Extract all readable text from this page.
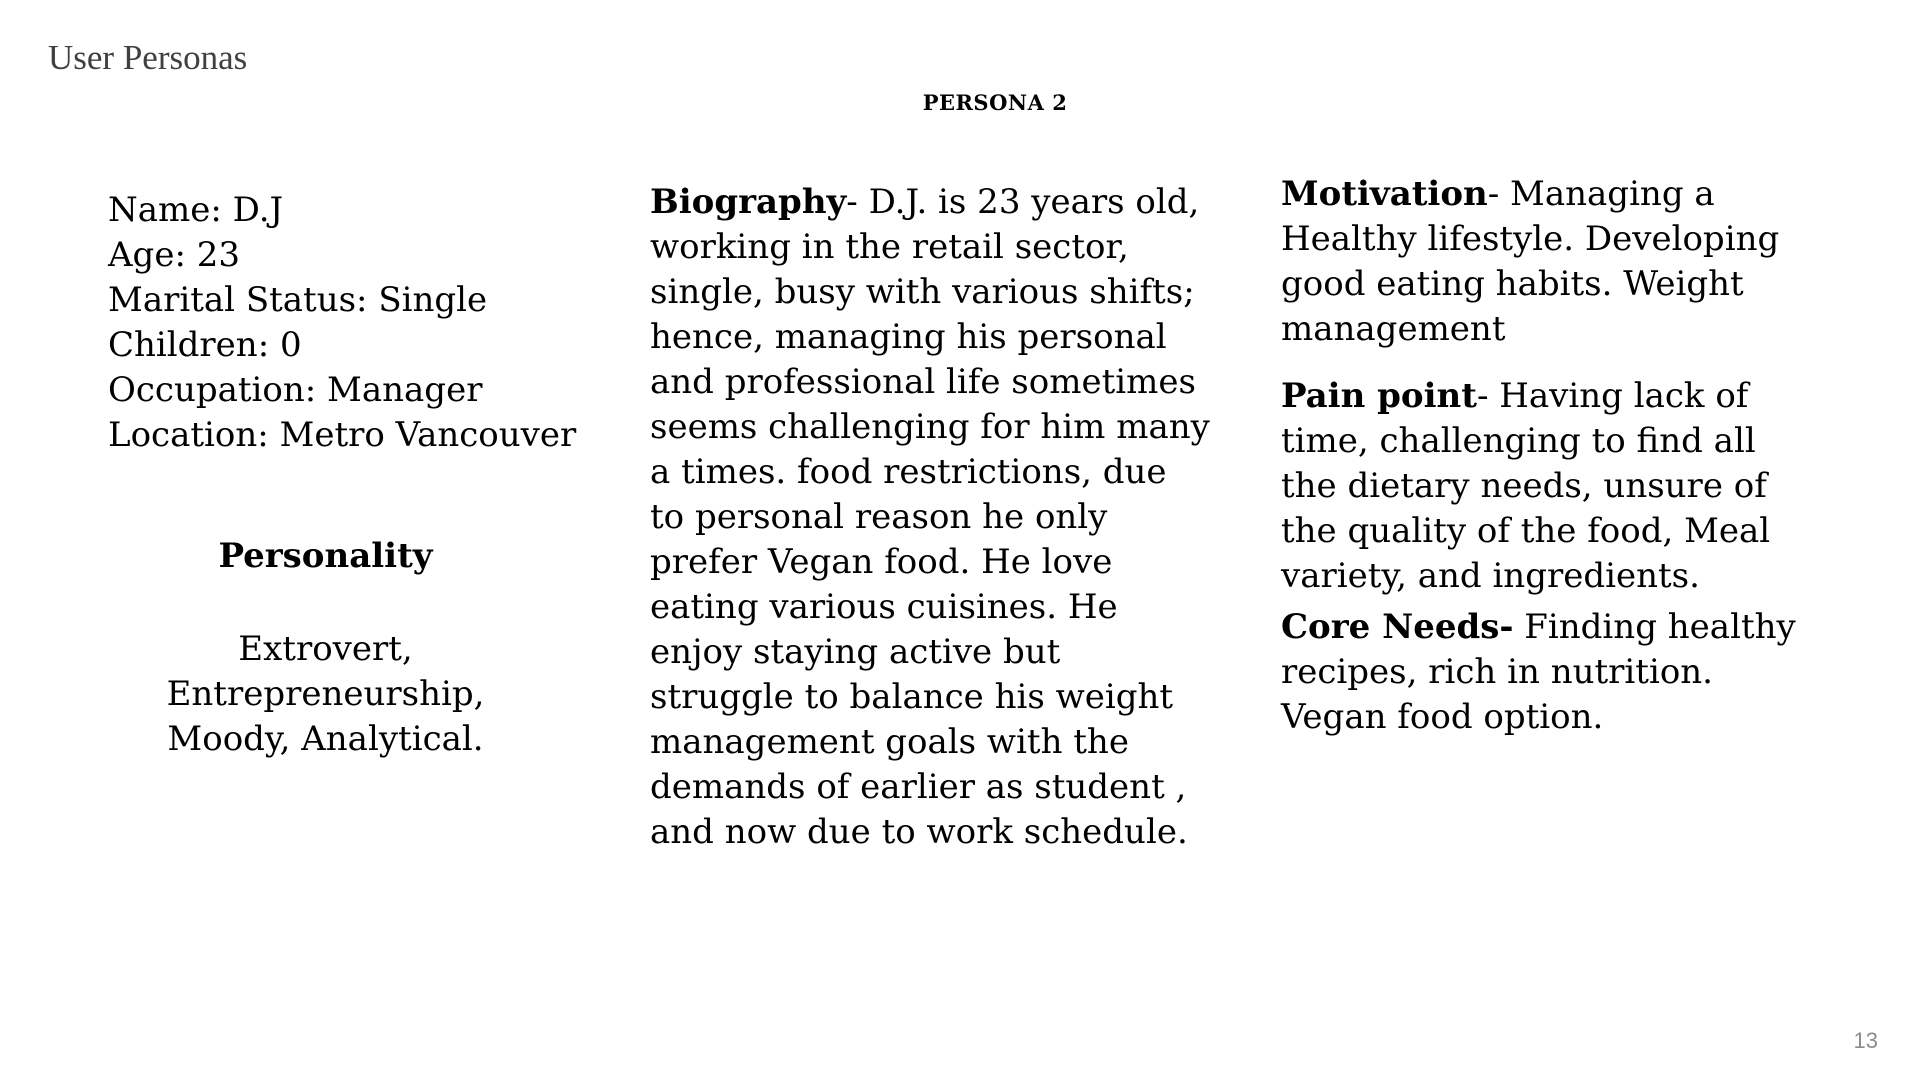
User Personas
PERSONA 2
Name: D.J
Age: 23
Marital Status: Single
Children: 0
Occupation: Manager
Location: Metro Vancouver
Personality
Extrovert, Entrepreneurship, Moody, Analytical.
Biography- D.J. is 23 years old, working in the retail sector, single, busy with various shifts; hence, managing his personal and professional life sometimes seems challenging for him many a times. food restrictions, due to personal reason he only prefer Vegan food. He love eating various cuisines. He enjoy staying active but struggle to balance his weight management goals with the demands of earlier as student , and now due to work schedule.
Motivation- Managing a Healthy lifestyle. Developing good eating habits. Weight management
Pain point- Having lack of time, challenging to find all the dietary needs, unsure of the quality of the food, Meal variety, and ingredients.
Core Needs- Finding healthy recipes, rich in nutrition. Vegan food option.
13
